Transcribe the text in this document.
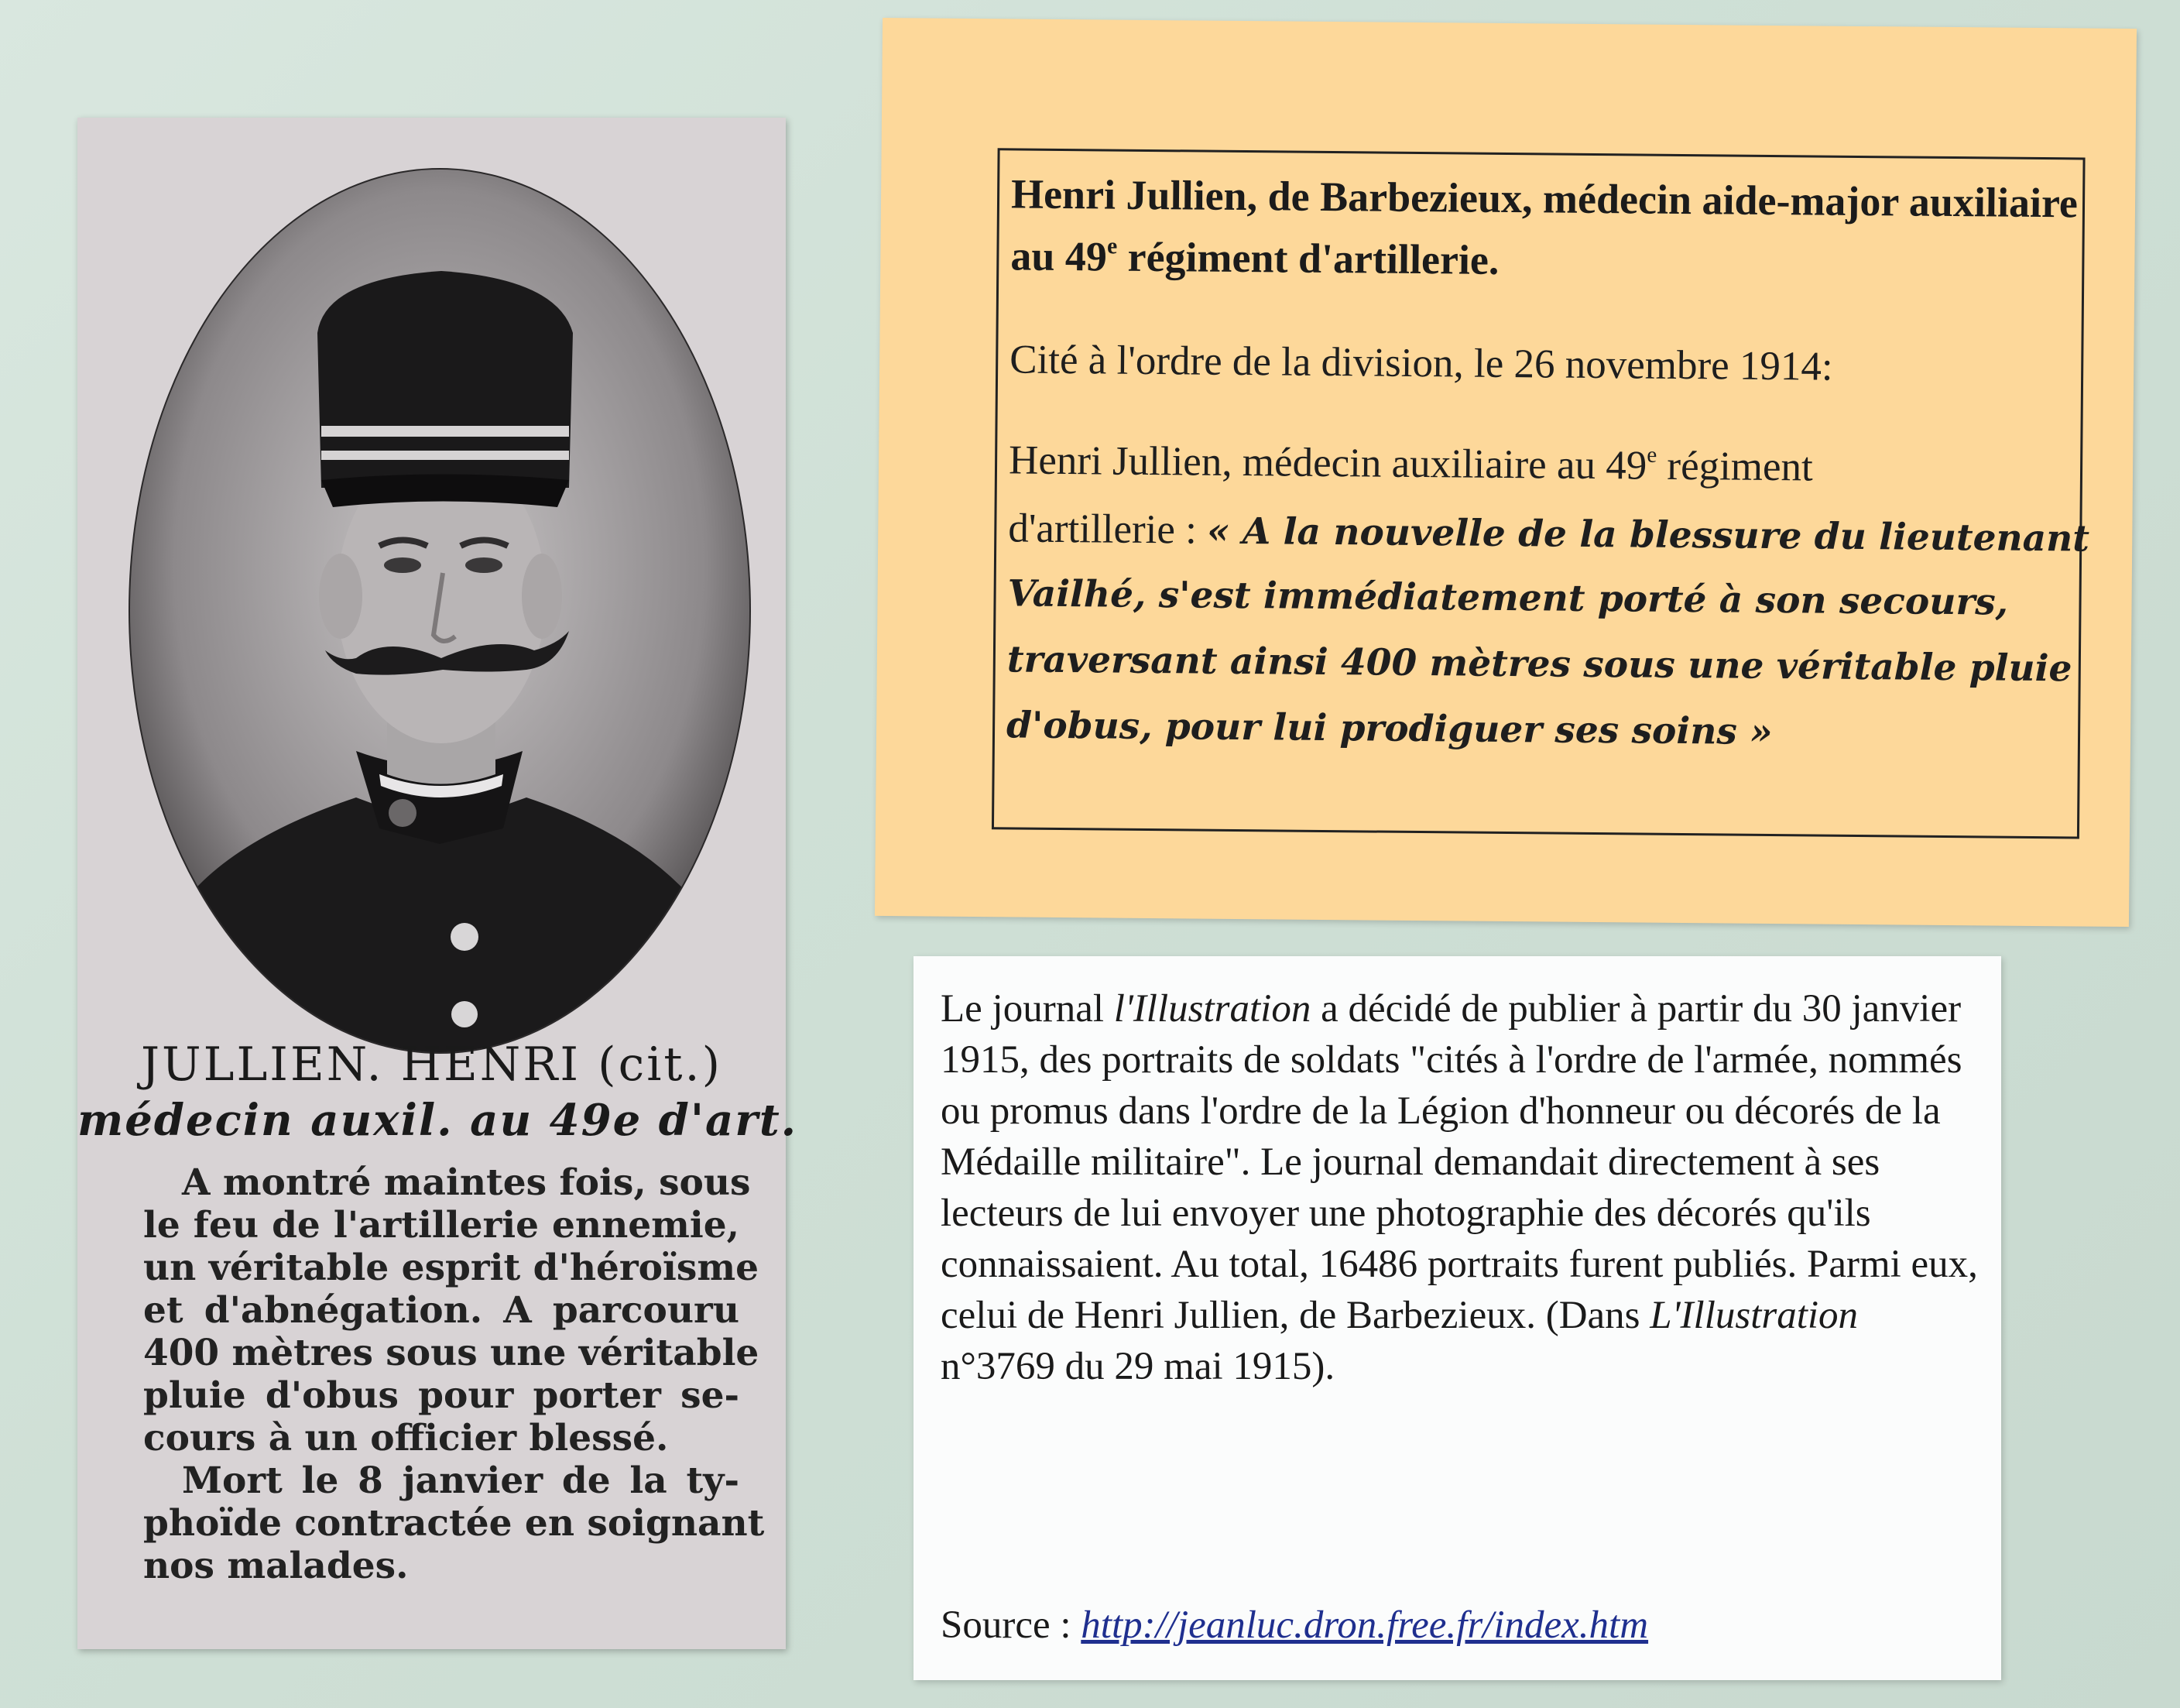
JULLIEN. HENRI (cit.)
médecin auxil. au 49e d'art.
A montré maintes fois, sous
le feu de l'artillerie ennemie,
un véritable esprit d'héroïsme
et d'abnégation. A parcouru
400 mètres sous une véritable
pluie d'obus pour porter se-
cours à un officier blessé.
Mort le 8 janvier de la ty-
phoïde contractée en soignant
nos malades.
Henri Jullien, de Barbezieux, médecin aide-major auxiliaire au 49e régiment d'artillerie.
Cité à l'ordre de la division, le 26 novembre 1914:
Henri Jullien, médecin auxiliaire au 49e régiment
d'artillerie : « A la nouvelle de la blessure du lieutenant
Vailhé, s'est immédiatement porté à son secours,
traversant ainsi 400 mètres sous une véritable pluie
d'obus, pour lui prodiguer ses soins »
Le journal l'Illustration a décidé de publier à partir du 30 janvier 1915, des portraits de soldats "cités à l'ordre de l'armée, nommés ou promus dans l'ordre de la Légion d'honneur ou décorés de la Médaille militaire". Le journal demandait directement à ses lecteurs de lui envoyer une photographie des décorés qu'ils connaissaient. Au total, 16486 portraits furent publiés. Parmi eux, celui de Henri Jullien, de Barbezieux. (Dans L'Illustration n°3769 du 29 mai 1915).
Source : http://jeanluc.dron.free.fr/index.htm
